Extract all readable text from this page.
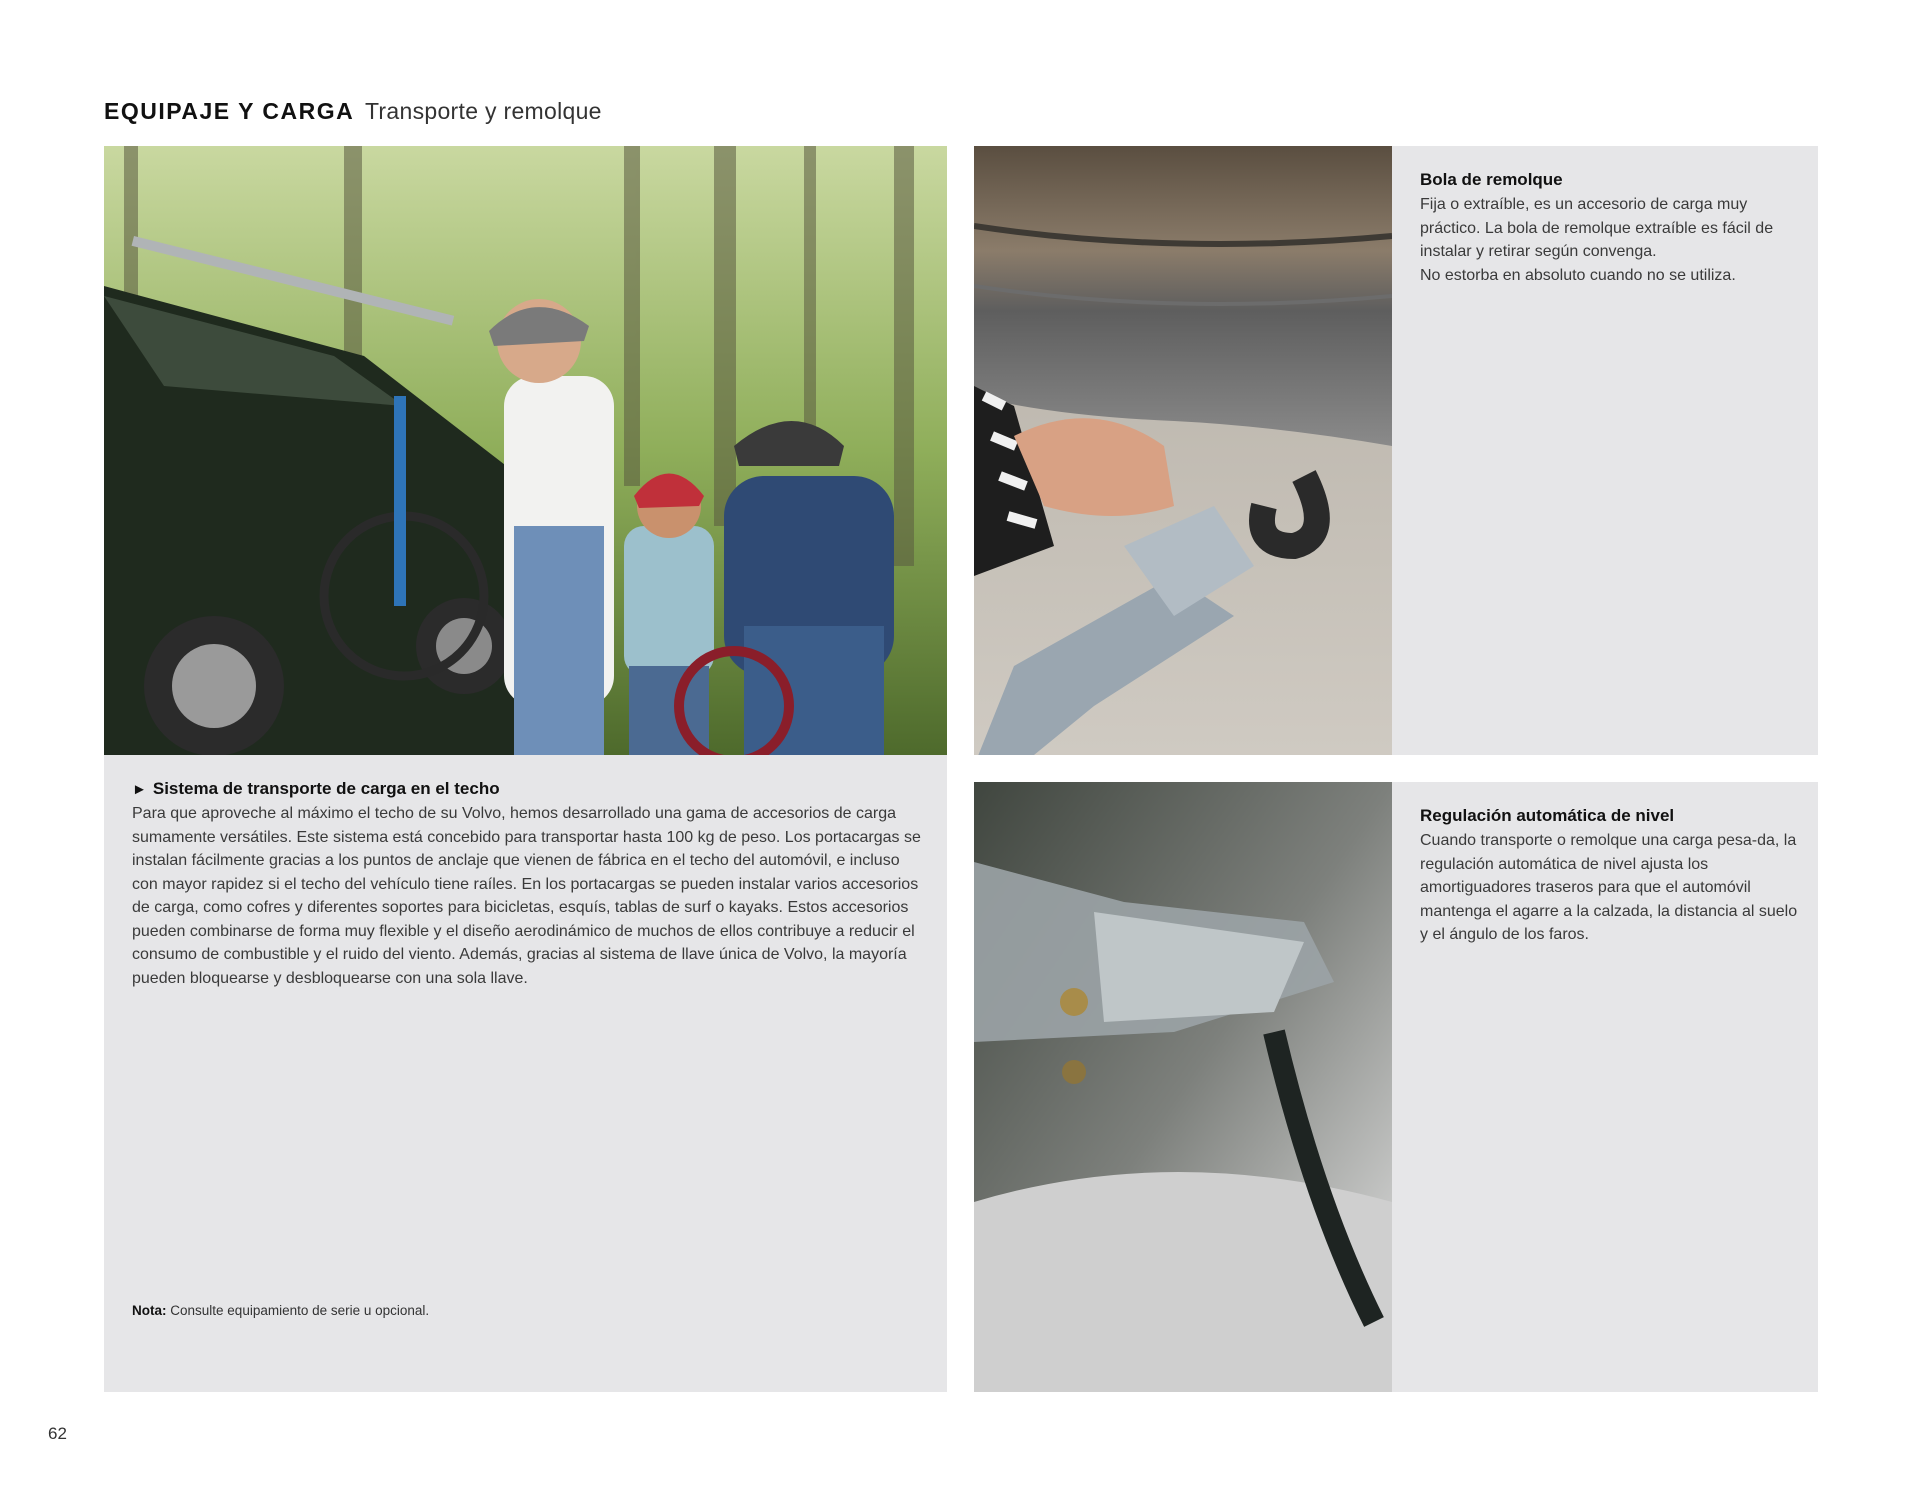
EQUIPAJE Y CARGA Transporte y remolque

► Sistema de transporte de carga en el techo

Para que aproveche al máximo el techo de su Volvo, hemos desarrollado una gama de accesorios de carga sumamente versátiles. Este sistema está concebido para transportar hasta 100 kg de peso. Los portacargas se instalan fácilmente gracias a los puntos de anclaje que vienen de fábrica en el techo del automóvil, e incluso con mayor rapidez si el techo del vehículo tiene raíles. En los portacargas se pueden instalar varios accesorios de carga, como cofres y diferentes soportes para bicicletas, esquís, tablas de surf o kayaks. Estos accesorios pueden combinarse de forma muy flexible y el diseño aerodinámico de muchos de ellos contribuye a reducir el consumo de combustible y el ruido del viento. Además, gracias al sistema de llave única de Volvo, la mayoría pueden bloquearse y desbloquearse con una sola llave.

Nota: Consulte equipamiento de serie u opcional.

Bola de remolque

Fija o extraíble, es un accesorio de carga muy práctico. La bola de remolque extraíble es fácil de instalar y retirar según convenga.
No estorba en absoluto cuando no se utiliza.

Regulación automática de nivel

Cuando transporte o remolque una carga pesa-da, la regulación automática de nivel ajusta los amortiguadores traseros para que el automóvil mantenga el agarre a la calzada, la distancia al suelo y el ángulo de los faros.

62
